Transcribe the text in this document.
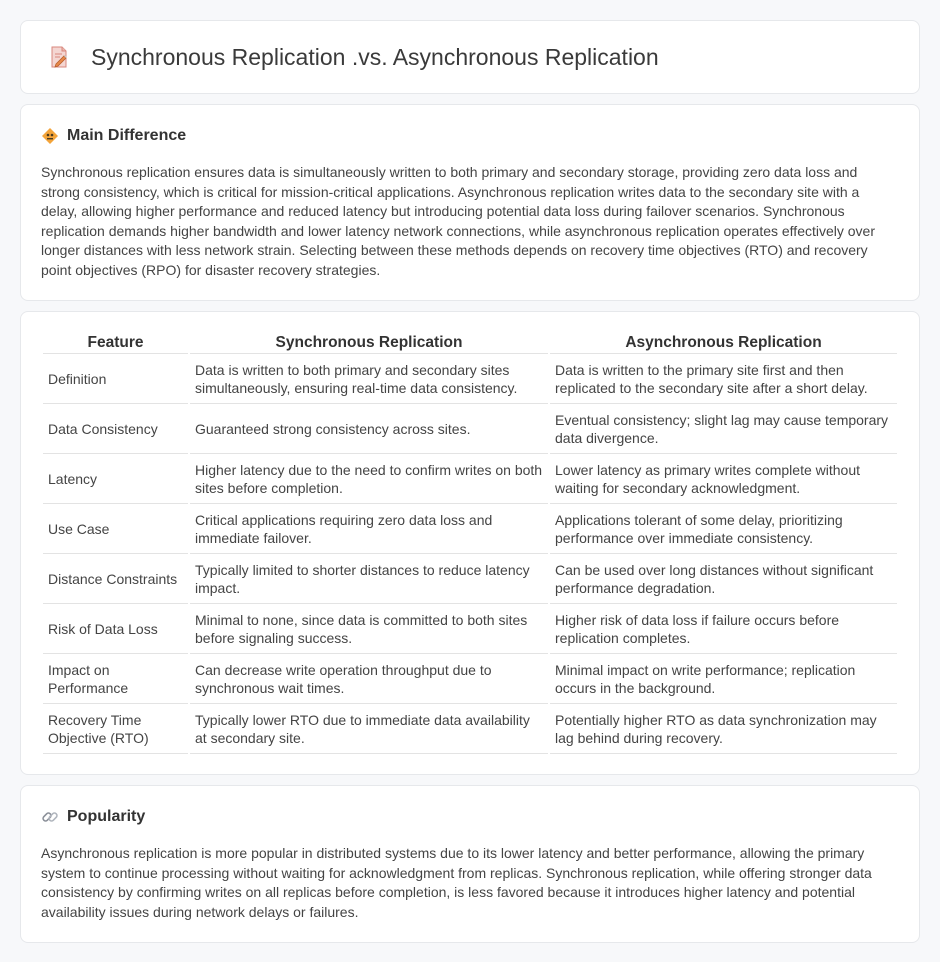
Synchronous Replication .vs. Asynchronous Replication
Main Difference

Synchronous replication ensures data is simultaneously written to both primary and secondary storage, providing zero data loss and strong consistency, which is critical for mission-critical applications. Asynchronous replication writes data to the secondary site with a delay, allowing higher performance and reduced latency but introducing potential data loss during failover scenarios. Synchronous replication demands higher bandwidth and lower latency network connections, while asynchronous replication operates effectively over longer distances with less network strain. Selecting between these methods depends on recovery time objectives (RTO) and recovery point objectives (RPO) for disaster recovery strategies.

Feature	Synchronous Replication	Asynchronous Replication
Definition	Data is written to both primary and secondary sites simultaneously, ensuring real-time data consistency.	Data is written to the primary site first and then replicated to the secondary site after a short delay.
Data Consistency	Guaranteed strong consistency across sites.	Eventual consistency; slight lag may cause temporary data divergence.
Latency	Higher latency due to the need to confirm writes on both sites before completion.	Lower latency as primary writes complete without waiting for secondary acknowledgment.
Use Case	Critical applications requiring zero data loss and immediate failover.	Applications tolerant of some delay, prioritizing performance over immediate consistency.
Distance Constraints	Typically limited to shorter distances to reduce latency impact.	Can be used over long distances without significant performance degradation.
Risk of Data Loss	Minimal to none, since data is committed to both sites before signaling success.	Higher risk of data loss if failure occurs before replication completes.
Impact on Performance	Can decrease write operation throughput due to synchronous wait times.	Minimal impact on write performance; replication occurs in the background.
Recovery Time Objective (RTO)	Typically lower RTO due to immediate data availability at secondary site.	Potentially higher RTO as data synchronization may lag behind during recovery.
Popularity

Asynchronous replication is more popular in distributed systems due to its lower latency and better performance, allowing the primary system to continue processing without waiting for acknowledgment from replicas. Synchronous replication, while offering stronger data consistency by confirming writes on all replicas before completion, is less favored because it introduces higher latency and potential availability issues during network delays or failures.
